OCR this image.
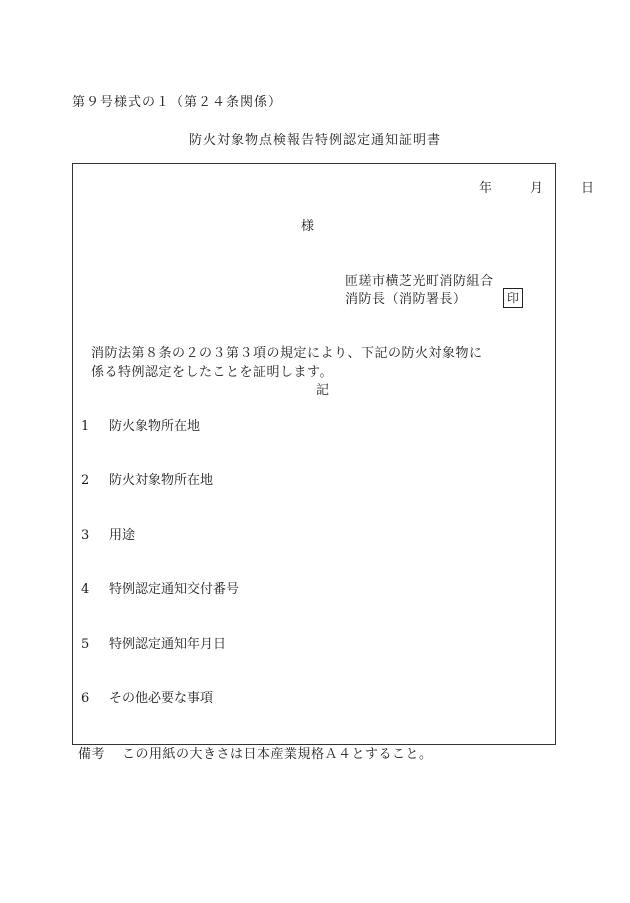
第９号様式の１（第２４条関係）
防火対象物点検報告特例認定通知証明書
年	月	日
様
匝瑳市横芝光町消防組合
消防長（消防署長）	印
消防法第８条の２の３第３項の規定により、下記の防火対象物に
係る特例認定をしたことを証明します。
記
1 防火象物所在地
2 防火対象物所在地
3 用途
4 特例認定通知交付番号
5 特例認定通知年月日
6 その他必要な事項
備考 この用紙の大きさは日本産業規格Ａ４とすること。
